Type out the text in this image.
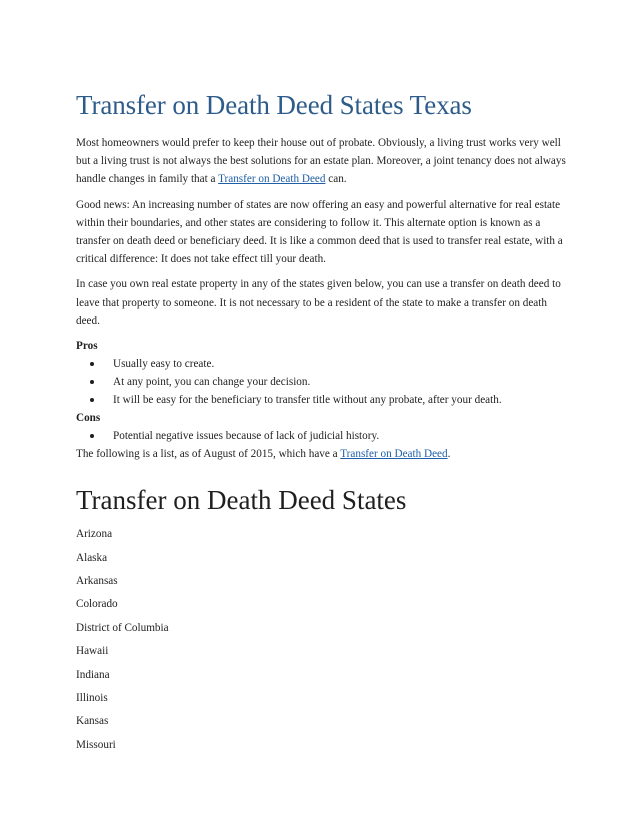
Transfer on Death Deed States Texas

Most homeowners would prefer to keep their house out of probate. Obviously, a living trust works very well but a living trust is not always the best solutions for an estate plan. Moreover, a joint tenancy does not always handle changes in family that a Transfer on Death Deed can.

Good news: An increasing number of states are now offering an easy and powerful alternative for real estate within their boundaries, and other states are considering to follow it. This alternate option is known as a transfer on death deed or beneficiary deed. It is like a common deed that is used to transfer real estate, with a critical difference: It does not take effect till your death.

In case you own real estate property in any of the states given below, you can use a transfer on death deed to leave that property to someone. It is not necessary to be a resident of the state to make a transfer on death deed.

Pros
Usually easy to create.
At any point, you can change your decision.
It will be easy for the beneficiary to transfer title without any probate, after your death.
Cons
Potential negative issues because of lack of judicial history.

The following is a list, as of August of 2015, which have a Transfer on Death Deed.

Transfer on Death Deed States
Arizona
Alaska
Arkansas
Colorado
District of Columbia
Hawaii
Indiana
Illinois
Kansas
Missouri
